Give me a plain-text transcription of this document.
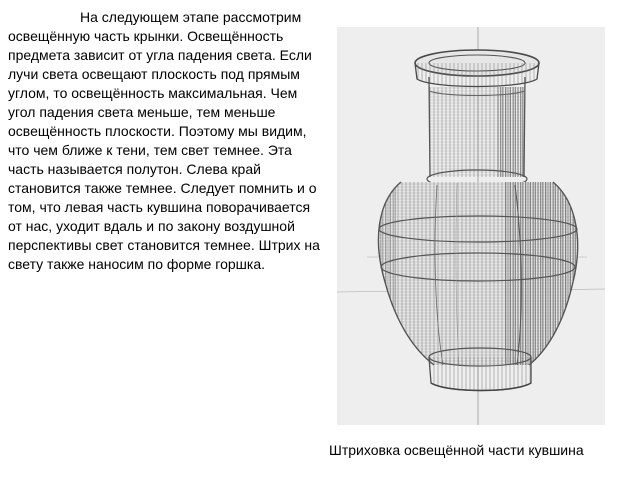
На следующем этапе рассмотрим освещённую часть крынки. Освещённость предмета зависит от угла падения света. Если лучи света освещают плоскость под прямым углом, то освещённость максимальная. Чем угол падения света меньше, тем меньше освещённость плоскости. Поэтому мы видим, что чем ближе к тени, тем свет темнее. Эта часть называется полутон. Слева край становится также темнее. Следует помнить и о том, что левая часть кувшина поворачивается от нас, уходит вдаль и по закону воздушной перспективы свет становится темнее. Штрих на свету также наносим по форме горшка.

Штриховка освещённой части кувшина
